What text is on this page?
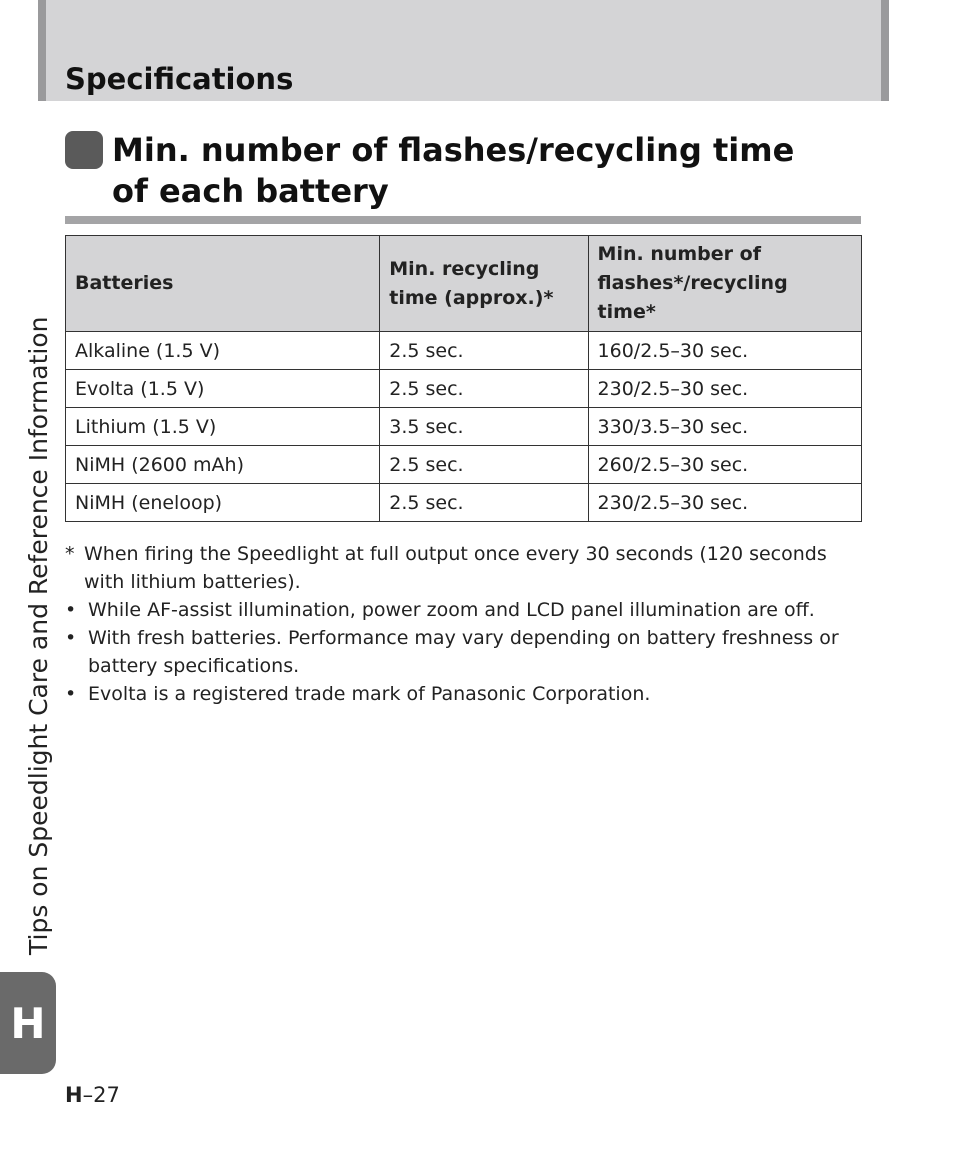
Specifications
Min. number of flashes/recycling time of each battery
Batteries	Min. recycling time (approx.)*	Min. number of flashes*/recycling time*
Alkaline (1.5 V)	2.5 sec.	160/2.5–30 sec.
Evolta (1.5 V)	2.5 sec.	230/2.5–30 sec.
Lithium (1.5 V)	3.5 sec.	330/3.5–30 sec.
NiMH (2600 mAh)	2.5 sec.	260/2.5–30 sec.
NiMH (eneloop)	2.5 sec.	230/2.5–30 sec.
* When firing the Speedlight at full output once every 30 seconds (120 seconds with lithium batteries).
• While AF-assist illumination, power zoom and LCD panel illumination are off.
• With fresh batteries. Performance may vary depending on battery freshness or battery specifications.
• Evolta is a registered trade mark of Panasonic Corporation.
Tips on Speedlight Care and Reference Information
H
H–27
